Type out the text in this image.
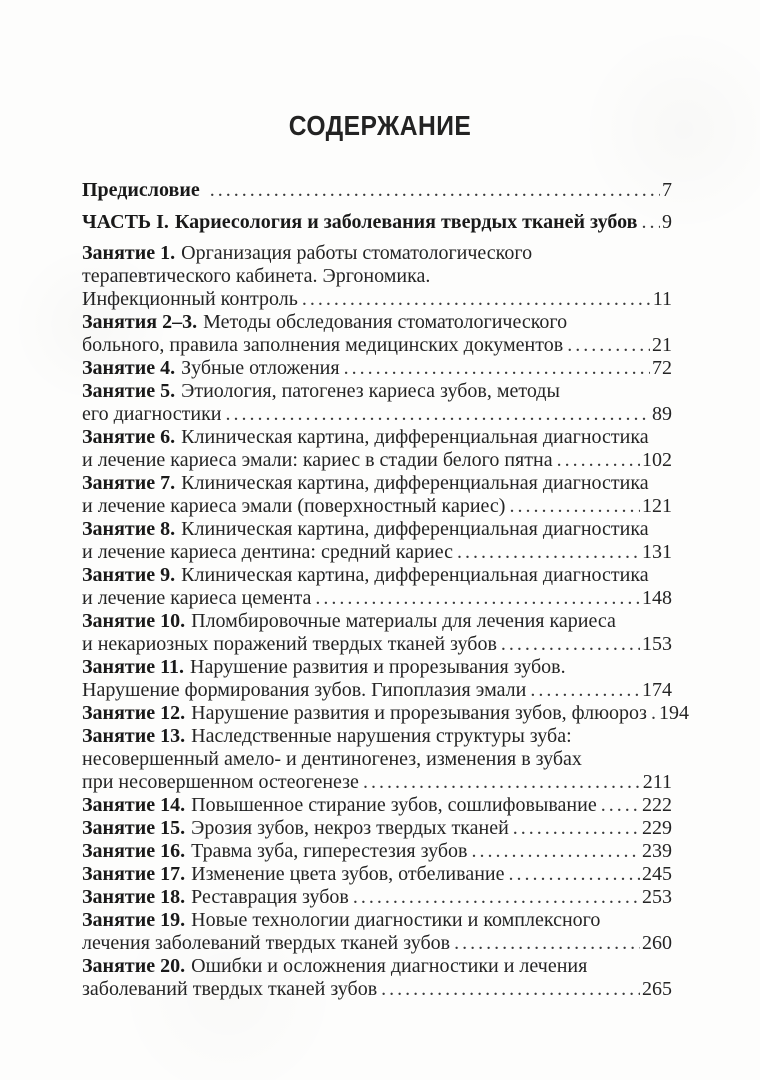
СОДЕРЖАНИЕ
Предисловие . . .	7
ЧАСТЬ I. Кариесология и заболевания твердых тканей зубов . . . 9
Занятие 1. Организация работы стоматологического
терапевтического кабинета. Эргономика.
Инфекционный контроль . . .	11
Занятия 2–3. Методы обследования стоматологического
больного, правила заполнения медицинских документов . . .	21
Занятие 4. Зубные отложения . . .	72
Занятие 5. Этиология, патогенез кариеса зубов, методы
его диагностики . . .	89
Занятие 6. Клиническая картина, дифференциальная диагностика
и лечение кариеса эмали: кариес в стадии белого пятна . . .	102
Занятие 7. Клиническая картина, дифференциальная диагностика
и лечение кариеса эмали (поверхностный кариес) . . .	121
Занятие 8. Клиническая картина, дифференциальная диагностика
и лечение кариеса дентина: средний кариес . . .	131
Занятие 9. Клиническая картина, дифференциальная диагностика
и лечение кариеса цемента . . .	148
Занятие 10. Пломбировочные материалы для лечения кариеса
и некариозных поражений твердых тканей зубов . . .	153
Занятие 11. Нарушение развития и прорезывания зубов.
Нарушение формирования зубов. Гипоплазия эмали . . .	174
Занятие 12. Нарушение развития и прорезывания зубов, флюороз . . . 194
Занятие 13. Наследственные нарушения структуры зуба:
несовершенный амело- и дентиногенез, изменения в зубах
при несовершенном остеогенезе . . .	211
Занятие 14. Повышенное стирание зубов, сошлифовывание . . . 222
Занятие 15. Эрозия зубов, некроз твердых тканей . . .	229
Занятие 16. Травма зуба, гиперестезия зубов . . .	239
Занятие 17. Изменение цвета зубов, отбеливание . . .	245
Занятие 18. Реставрация зубов . . .	253
Занятие 19. Новые технологии диагностики и комплексного
лечения заболеваний твердых тканей зубов . . .	260
Занятие 20. Ошибки и осложнения диагностики и лечения
заболеваний твердых тканей зубов . . .	265
